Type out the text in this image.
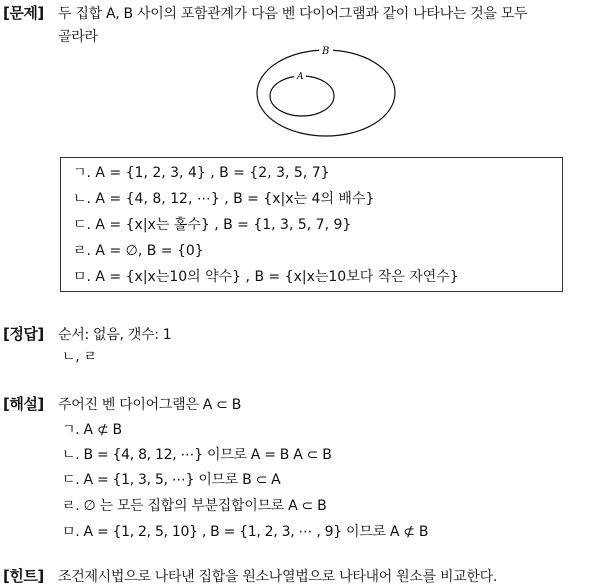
[문제] 두 집합 A, B 사이의 포함관계가 다음 벤 다이어그램과 같이 나타나는 것을 모두
골라라
B
A
ㄱ. A = {1, 2, 3, 4} , B = {2, 3, 5, 7}
ㄴ. A = {4, 8, 12, ⋯} , B = {x|x는 4의 배수}
ㄷ. A = {x|x는 홀수} , B = {1, 3, 5, 7, 9}
ㄹ. A = ∅, B = {0}
ㅁ. A = {x|x는10의 약수} , B = {x|x는10보다 작은 자연수}
[정답] 순서: 없음, 갯수: 1
ㄴ, ㄹ
[해설] 주어진 벤 다이어그램은 A ⊂ B
ㄱ. A ⊄ B
ㄴ. B = {4, 8, 12, ⋯} 이므로 A = B A ⊂ B
ㄷ. A = {1, 3, 5, ⋯} 이므로 B ⊂ A
ㄹ. ∅ 는 모든 집합의 부분집합이므로 A ⊂ B
ㅁ. A = {1, 2, 5, 10} , B = {1, 2, 3, ⋯ , 9} 이므로 A ⊄ B
[힌트] 조건제시법으로 나타낸 집합을 원소나열법으로 나타내어 원소를 비교한다.
